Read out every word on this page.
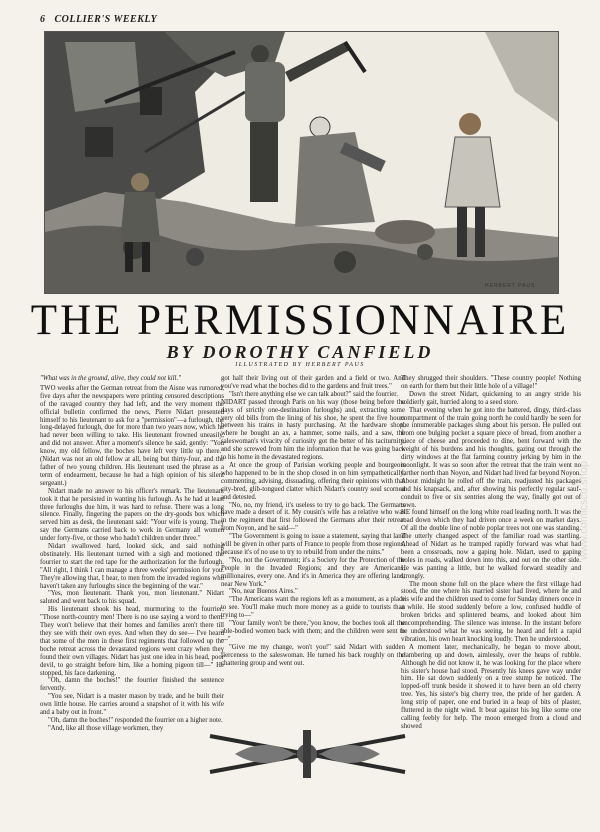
6 COLLIER'S WEEKLY
HERBERT PAUS
THE PERMISSIONNAIRE
BY DOROTHY CANFIELD
ILLUSTRATED BY HERBERT PAUS

"What was in the ground, alive, they could not kill."

TWO weeks after the German retreat from the Aisne was rumored, five days after the newspapers were printing censored descriptions of the ravaged country they had left, and the very moment the official bulletin confirmed the news, Pierre Nidart presented himself to his lieutenant to ask for a "permission"—a furlough, the long-delayed furlough, due for more than two years now, which he had never been willing to take. His lieutenant frowned uneasily, and did not answer. After a moment's silence he said, gently: "You know, my old fellow, the boches have left very little up there." (Nidart was not an old fellow at all, being but thirty-four, and the father of two young children. His lieutenant used the phrase as a term of endearment, because he had a high opinion of his silent sergeant.)

Nidart made no answer to his officer's remark. The lieutenant took it that he persisted in wanting his furlough. As he had at least three furloughs due him, it was hard to refuse. There was a long silence. Finally, fingering the papers on the dry-goods box which served him as desk, the lieutenant said: "Your wife is young. They say the Germans carried back to work in Germany all women under forty-five, or those who hadn't children under three."

Nidart swallowed hard, looked sick, and said nothing obstinately. His lieutenant turned with a sigh and motioned the fourrier to start the red tape for the authorization for the furlough. "All right, I think I can manage a three weeks' permission for you. They're allowing that, I hear, to men from the invaded regions who haven't taken any furloughs since the beginning of the war."

"Yes, mon lieutenant. Thank you, mon lieutenant." Nidart saluted and went back to his squad.

His lieutenant shook his head, murmuring to the fourrier: "Those north-country men! There is no use saying a word to them. They won't believe that their homes and families aren't there till they see with their own eyes. And when they do see— I've heard that some of the men in these first regiments that followed up the boche retreat across the devastated regions went crazy when they found their own villages. Nidart has just one idea in his head, poor devil, to go straight before him, like a homing pigeon till—" He stopped, his face darkening.

"Oh, damn the boches!" the fourrier finished the sentence fervently.

"You see, Nidart is a master mason by trade, and he built their own little house. He carries around a snapshot of it with his wife and a baby out in front."

"Oh, damn the boches!" responded the fourrier on a higher note.

"And, like all those village workmen, they

got half their living out of their garden and a field or two. And you've read what the boches did to the gardens and fruit trees."

"Isn't there anything else we can talk about?" said the fourrier.

NIDART passed through Paris on his way (those being before the days of strictly one-destination furloughs) and, extracting some very old bills from the lining of his shoe, he spent the five hours between his trains in hasty purchasing. At the hardware shop, where he bought an ax, a hammer, some nails, and a saw, the saleswoman's vivacity of curiosity got the better of his taciturnity, and she screwed from him the information that he was going back to his home in the devastated regions.

At once the group of Parisian working people and bourgeois who happened to be in the shop closed in on him sympathetically, commenting, advising, dissuading, offering their opinions with that city-bred, glib-tongued clatter which Nidart's country soul scorned and detested.

"No, no, my friend, it's useless to try to go back. The Germans have made a desert of it. My cousin's wife has a relative who was in the regiment that first followed the Germans after their retreat from Noyon, and he said—"

"The Government is going to issue a statement, saying that land will be given in other parts of France to people from those regions, because it's of no use to try to rebuild from under the ruins."

"No, not the Government; it's a Society for the Protection of the People in the Invaded Regions; and they are Americans, millionaires, every one. And it's in America they are offering land, near New York."

"No, near Buenos Aires."

"The Americans want the regions left as a monument, as a place to see. You'll make much more money as a guide to tourists than trying to—"

"Your family won't be there,"you know, the boches took all the able-bodied women back with them; and the children were sent to—"

"Give me my change, won't you!" said Nidart with sudden fierceness to the saleswoman. He turned his back roughly on the chattering group and went out.

They shrugged their shoulders. "These country people! Nothing on earth for them but their little hole of a village!"

Down the street Nidart, quickening to an angry stride his soldierly gait, hurried along to a seed store.

That evening when he got into the battered, dingy, third-class compartment of the train going north he could hardly be seen for the innumerable packages slung about his person. He pulled out from one bulging pocket a square piece of bread, from another a piece of cheese and proceeded to dine, bent forward with the weight of his burdens and his thoughts, gazing out through the dirty windows at the flat farming country jerking by him in the moonlight. It was so soon after the retreat that the train went no farther north than Noyon, and Nidart had lived far beyond Noyon. About midnight he rolled off the train, readjusted his packages and his knapsack, and, after showing his perfectly regular sauf-conduit to five or six sentries along the way, finally got out of town.

HE found himself on the long white road leading north. It was the road down which they had driven once a week on market days. Of all the double line of noble poplar trees not one was standing. The utterly changed aspect of the familiar road was startling. Ahead of Nidart as he tramped rapidly forward was what had been a crossroads, now a gaping hole. Nidart, used to gaping holes in roads, walked down into this, and out on the other side. He was panting a little, but he walked forward steadily and strongly.

The moon shone full on the place where the first village had stood, the one where his married sister had lived, where he and his wife and the children used to come for Sunday dinners once in a while. He stood suddenly before a low, confused huddle of broken bricks and splintered beams, and looked about him uncomprehending. The silence was intense. In the instant before he understood what he was seeing, he heard and felt a rapid vibration, his own heart knocking loudly. Then he understood.

A moment later, mechanically, he began to move about, clambering up and down, aimlessly, over the heaps of rubble. Although he did not know it, he was looking for the place where his sister's house had stood. Presently his knees gave way under him. He sat down suddenly on a tree stump he noticed. The lopped-off trunk beside it showed it to have been an old cherry tree. Yes, his sister's big cherry tree, the pride of her garden. A long strip of paper, one end buried in a heap of bits of plaster, fluttered in the night wind. It beat against his leg like some one calling feebly for help. The moon emerged from a cloud and showed

www.comicsco.shop
